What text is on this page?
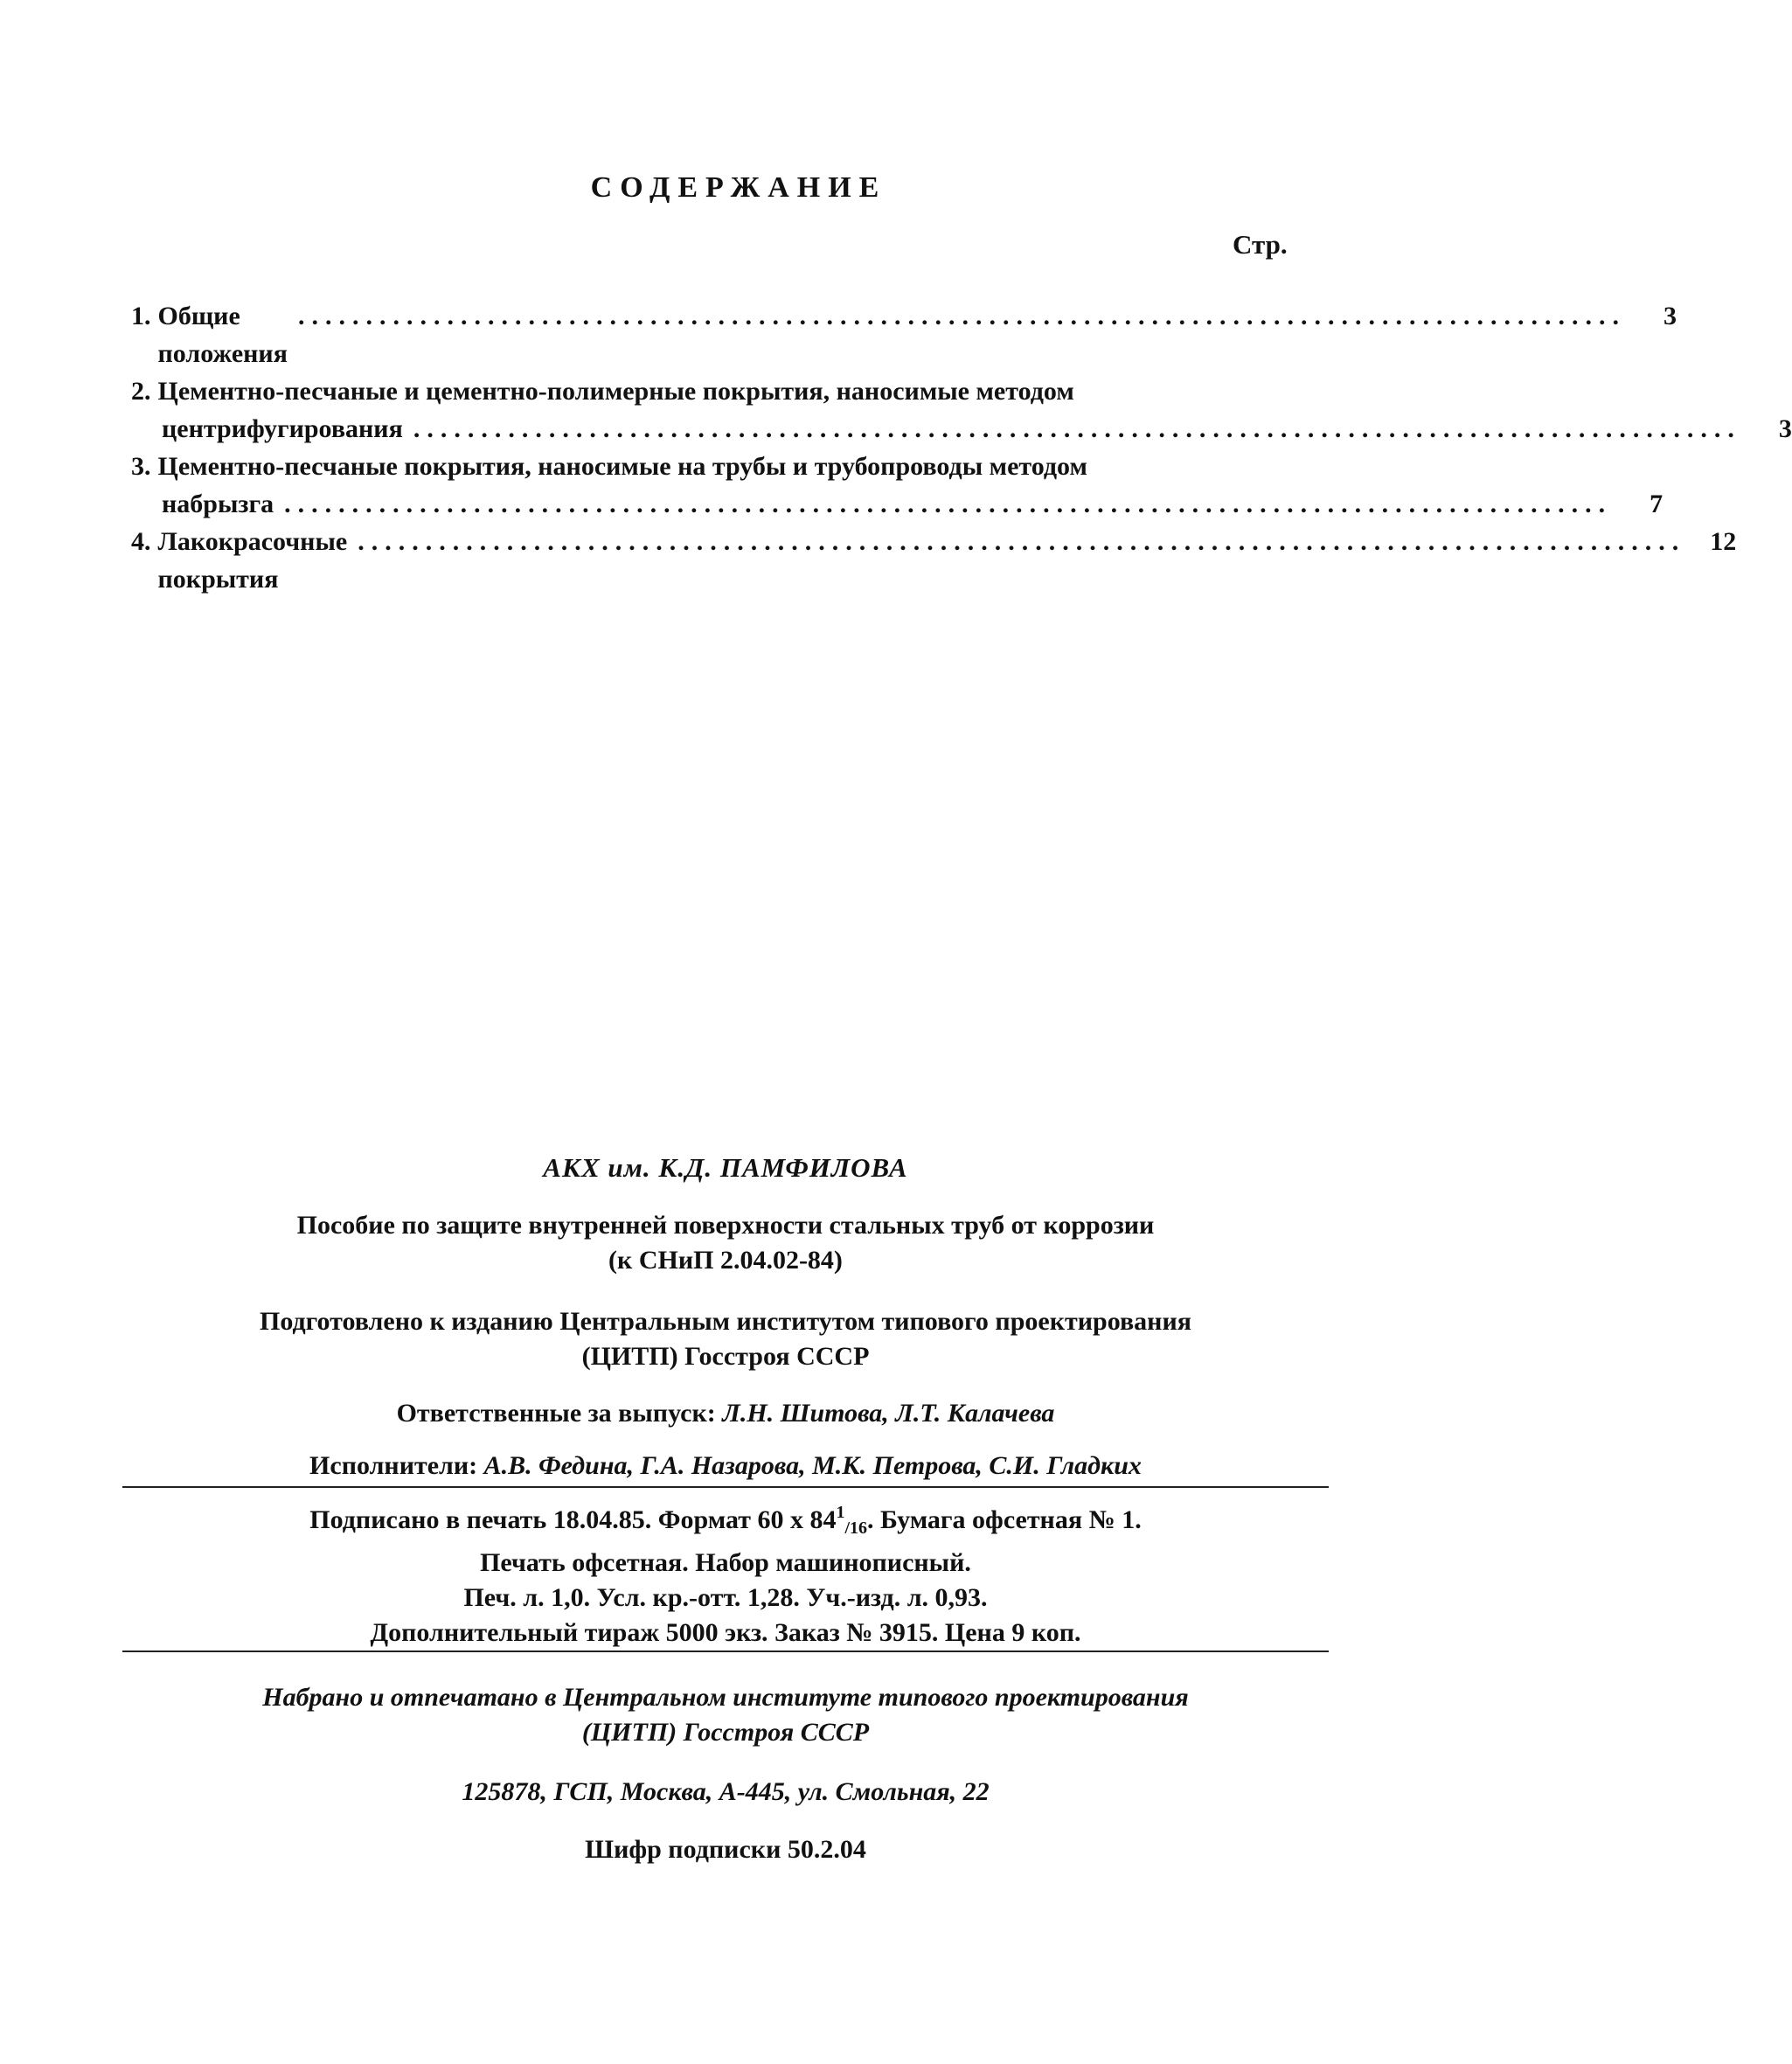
СОДЕРЖАНИЕ
Стр.
1. Общие положения
..................................................................................................	3
2. Цементно-песчаные и цементно-полимерные покрытия, наносимые методом
центрифугирования ..................................................................................................	3
3. Цементно-песчаные покрытия, наносимые на трубы и трубопроводы методом
набрызга ..................................................................................................	7
4. Лакокрасочные покрытия
.................................................................................................. 12

АКХ им. К.Д. ПАМФИЛОВА

Пособие по защите внутренней поверхности стальных труб от коррозии
(к СНиП 2.04.02-84)

Подготовлено к изданию Центральным институтом типового проектирования
(ЦИТП) Госстроя СССР

Ответственные за выпуск: Л.Н. Шитова, Л.Т. Калачева

Исполнители: А.В. Федина, Г.А. Назарова, М.К. Петрова, С.И. Гладких

Подписано в печать 18.04.85. Формат 60 x $84^1_{/16}$. Бумага офсетная № 1.

Печать офсетная. Набор машинописный.

Печ. л. 1,0. Усл. кр.-отт. 1,28. Уч.-изд. л. 0,93.

Дополнительный тираж 5000 экз. Заказ № 3915. Цена 9 коп.

Набрано и отпечатано в Центральном институте типового проектирования

(ЦИТП) Госстроя СССР

125878, ГСП, Москва, А-445, ул. Смольная, 22

Шифр подписки 50.2.04
